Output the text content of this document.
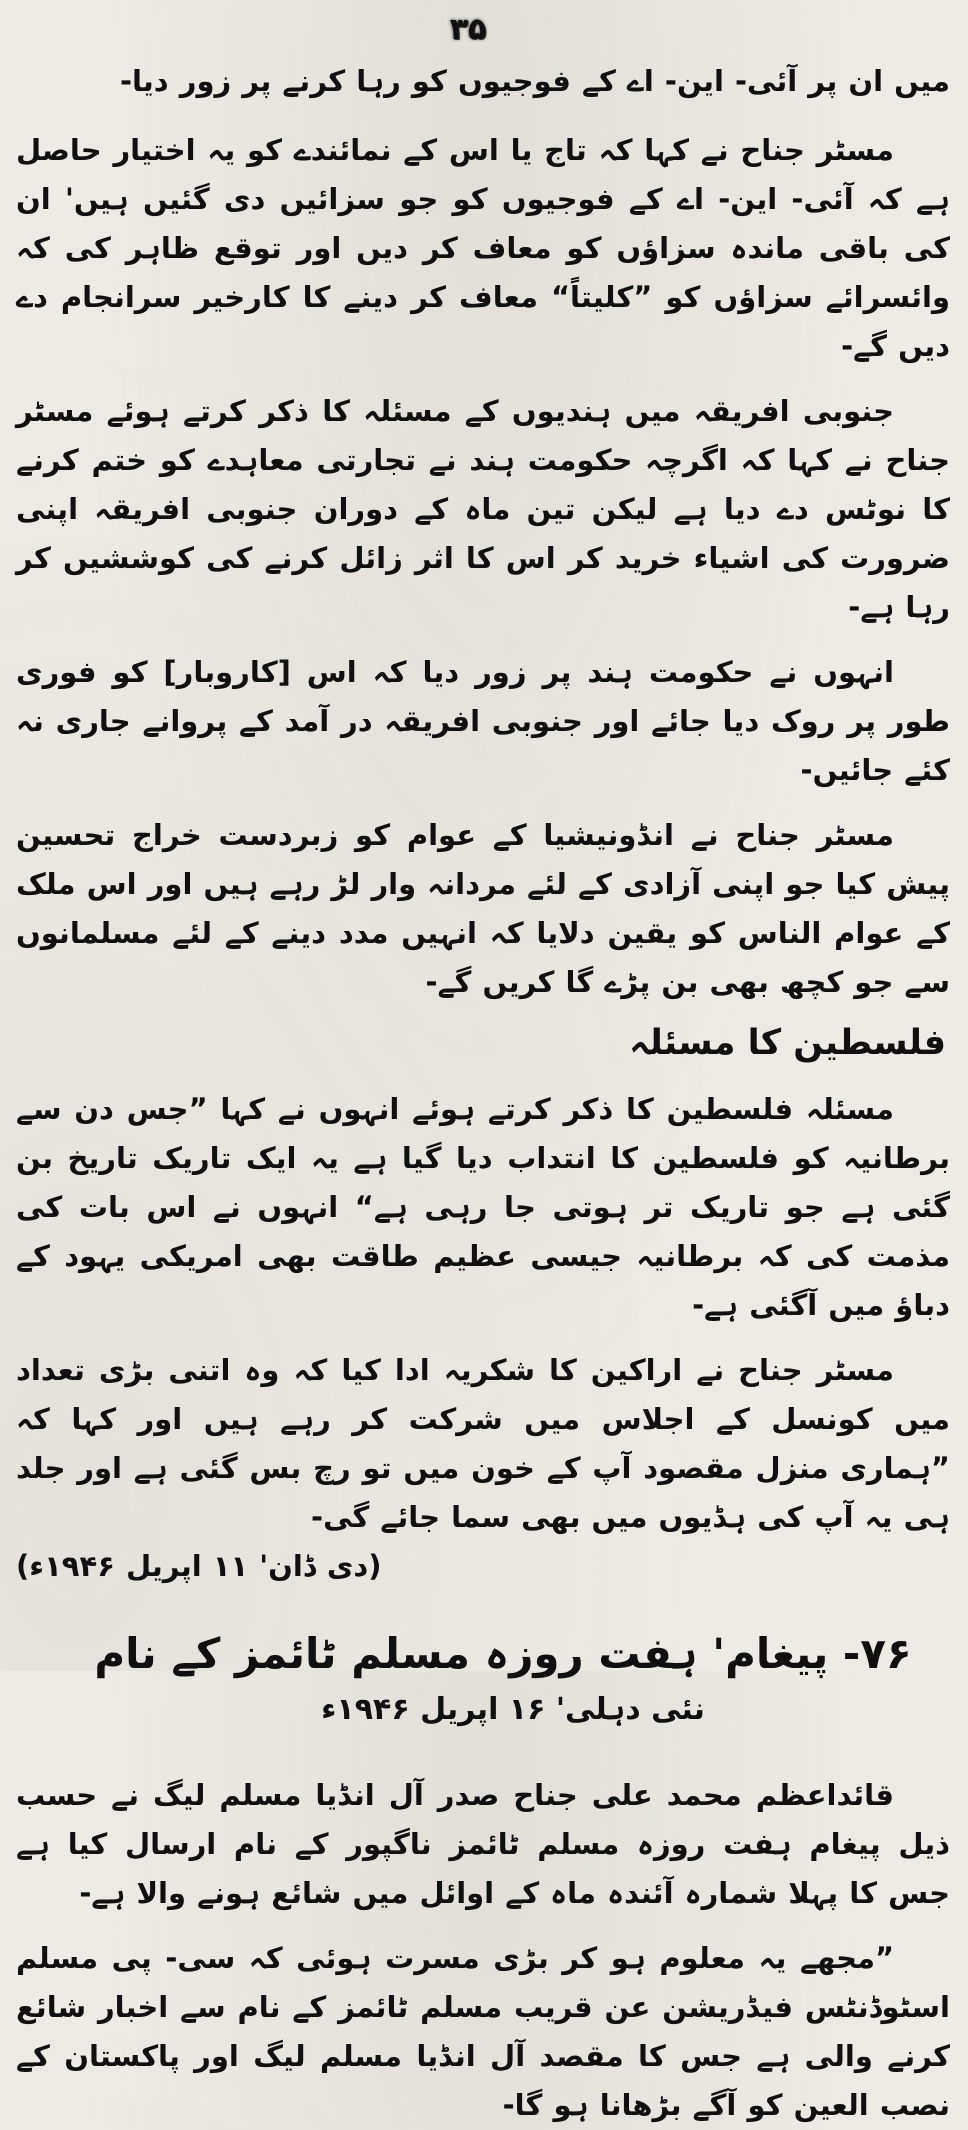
۳۵

میں ان پر آئی- این- اے کے فوجیوں کو رہا کرنے پر زور دیا-

مسٹر جناح نے کہا کہ تاج یا اس کے نمائندے کو یہ اختیار حاصل ہے کہ آئی- این- اے کے فوجیوں کو جو سزائیں دی گئیں ہیں' ان کی باقی ماندہ سزاؤں کو معاف کر دیں اور توقع ظاہر کی کہ وائسرائے سزاؤں کو ”کلیتاً“ معاف کر دینے کا کارخیر سرانجام دے دیں گے-

جنوبی افریقہ میں ہندیوں کے مسئلہ کا ذکر کرتے ہوئے مسٹر جناح نے کہا کہ اگرچہ حکومت ہند نے تجارتی معاہدے کو ختم کرنے کا نوٹس دے دیا ہے لیکن تین ماہ کے دوران جنوبی افریقہ اپنی ضرورت کی اشیاء خرید کر اس کا اثر زائل کرنے کی کوششیں کر رہا ہے-

انہوں نے حکومت ہند پر زور دیا کہ اس [کاروبار] کو فوری طور پر روک دیا جائے اور جنوبی افریقہ در آمد کے پروانے جاری نہ کئے جائیں-

مسٹر جناح نے انڈونیشیا کے عوام کو زبردست خراج تحسین پیش کیا جو اپنی آزادی کے لئے مردانہ وار لڑ رہے ہیں اور اس ملک کے عوام الناس کو یقین دلایا کہ انہیں مدد دینے کے لئے مسلمانوں سے جو کچھ بھی بن پڑے گا کریں گے-

فلسطین کا مسئلہ

مسئلہ فلسطین کا ذکر کرتے ہوئے انہوں نے کہا ”جس دن سے برطانیہ کو فلسطین کا انتداب دیا گیا ہے یہ ایک تاریک تاریخ بن گئی ہے جو تاریک تر ہوتی جا رہی ہے“ انہوں نے اس بات کی مذمت کی کہ برطانیہ جیسی عظیم طاقت بھی امریکی یہود کے دباؤ میں آگئی ہے-

مسٹر جناح نے اراکین کا شکریہ ادا کیا کہ وہ اتنی بڑی تعداد میں کونسل کے اجلاس میں شرکت کر رہے ہیں اور کہا کہ ”ہماری منزل مقصود آپ کے خون میں تو رچ بس گئی ہے اور جلد ہی یہ آپ کی ہڈیوں میں بھی سما جائے گی-
(دی ڈان' ۱۱ اپریل ۱۹۴۶ء)

۷۶- پیغام' ہفت روزہ مسلم ٹائمز کے نام
نئی دہلی' ۱۶ اپریل ۱۹۴۶ء

قائداعظم محمد علی جناح صدر آل انڈیا مسلم لیگ نے حسب ذیل پیغام ہفت روزہ مسلم ٹائمز ناگپور کے نام ارسال کیا ہے جس کا پہلا شمارہ آئندہ ماہ کے اوائل میں شائع ہونے والا ہے-

”مجھے یہ معلوم ہو کر بڑی مسرت ہوئی کہ سی- پی مسلم اسٹوڈنٹس فیڈریشن عن قریب مسلم ٹائمز کے نام سے اخبار شائع کرنے والی ہے جس کا مقصد آل انڈیا مسلم لیگ اور پاکستان کے نصب العین کو آگے بڑھانا ہو گا-
